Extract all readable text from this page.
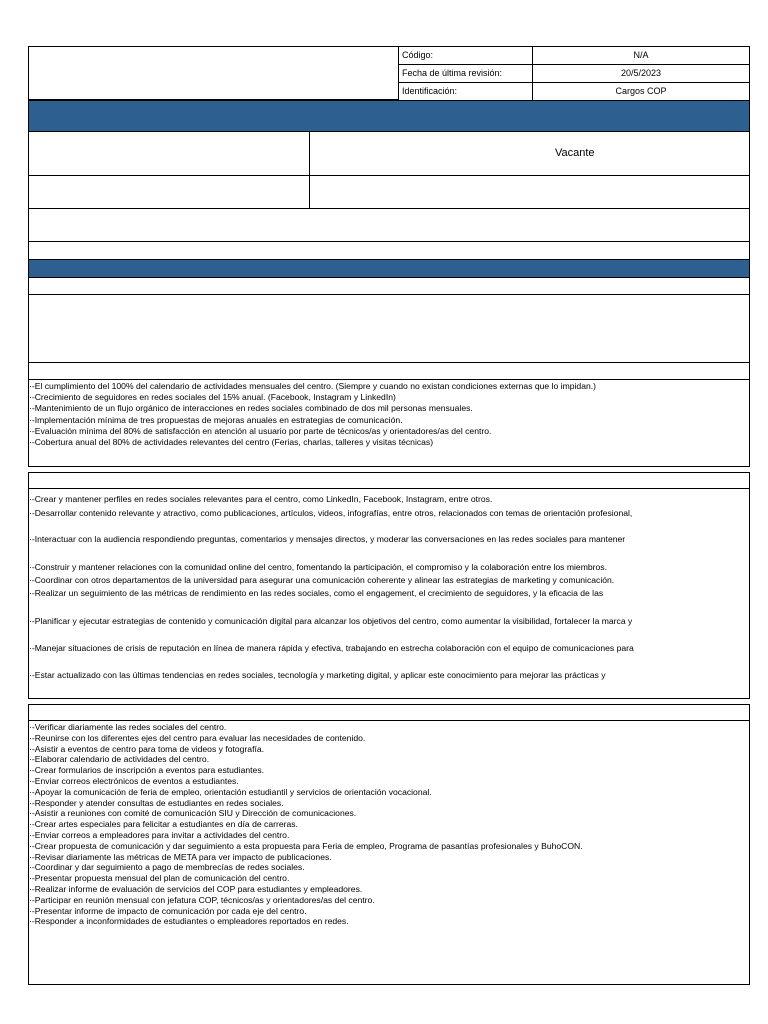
Código:	N/A
Fecha de última revisión:	20/5/2023
Identificación:	Cargos COP
Vacante
·-El cumplimiento del 100% del calendario de actividades mensuales del centro. (Siempre y cuando no existan condiciones externas que lo impidan.)
·-Crecimiento de seguidores en redes sociales del 15% anual. (Facebook, Instagram y LinkedIn)
·-Mantenimiento de un flujo orgánico de interacciones en redes sociales combinado de dos mil personas mensuales.
·-Implementación mínima de tres propuestas de mejoras anuales en estrategias de comunicación.
·-Evaluación mínima del 80% de satisfacción en atención al usuario por parte de técnicos/as y orientadores/as del centro.
·-Cobertura anual del 80% de actividades relevantes del centro (Ferias, charlas, talleres y visitas técnicas)
·-Crear y mantener perfiles en redes sociales relevantes para el centro, como LinkedIn, Facebook, Instagram, entre otros.
·-Desarrollar contenido relevante y atractivo, como publicaciones, artículos, videos, infografías, entre otros, relacionados con temas de orientación profesional,
·-Interactuar con la audiencia respondiendo preguntas, comentarios y mensajes directos, y moderar las conversaciones en las redes sociales para mantener
·-Construir y mantener relaciones con la comunidad online del centro, fomentando la participación, el compromiso y la colaboración entre los miembros.
·-Coordinar con otros departamentos de la universidad para asegurar una comunicación coherente y alinear las estrategias de marketing y comunicación.
·-Realizar un seguimiento de las métricas de rendimiento en las redes sociales, como el engagement, el crecimiento de seguidores, y la eficacia de las
·-Planificar y ejecutar estrategias de contenido y comunicación digital para alcanzar los objetivos del centro, como aumentar la visibilidad, fortalecer la marca y
·-Manejar situaciones de crisis de reputación en línea de manera rápida y efectiva, trabajando en estrecha colaboración con el equipo de comunicaciones para
·-Estar actualizado con las últimas tendencias en redes sociales, tecnología y marketing digital, y aplicar este conocimiento para mejorar las prácticas y
·-Verificar diariamente las redes sociales del centro.
·-Reunirse con los diferentes ejes del centro para evaluar las necesidades de contenido.
·-Asistir a eventos de centro para toma de videos y fotografía.
·-Elaborar calendario de actividades del centro.
·-Crear formularios de inscripción a eventos para estudiantes.
·-Enviar correos electrónicos de eventos a estudiantes.
·-Apoyar la comunicación de feria de empleo, orientación estudiantil y servicios de orientación vocacional.
·-Responder y atender consultas de estudiantes en redes sociales.
·-Asistir a reuniones con comité de comunicación SIU y Dirección de comunicaciones.
·-Crear artes especiales para felicitar a estudiantes en día de carreras.
·-Enviar correos a empleadores para invitar a actividades del centro.
·-Crear propuesta de comunicación y dar seguimiento a esta propuesta para Feria de empleo, Programa de pasantías profesionales y BuhoCON.
·-Revisar diariamente las métricas de META para ver impacto de publicaciones.
·-Coordinar y dar seguimiento a pago de membrecías de redes sociales.
·-Presentar propuesta mensual del plan de comunicación del centro.
·-Realizar informe de evaluación de servicios del COP para estudiantes y empleadores.
·-Participar en reunión mensual con jefatura COP, técnicos/as y orientadores/as del centro.
·-Presentar informe de impacto de comunicación por cada eje del centro.
·-Responder a inconformidades de estudiantes o empleadores reportados en redes.
